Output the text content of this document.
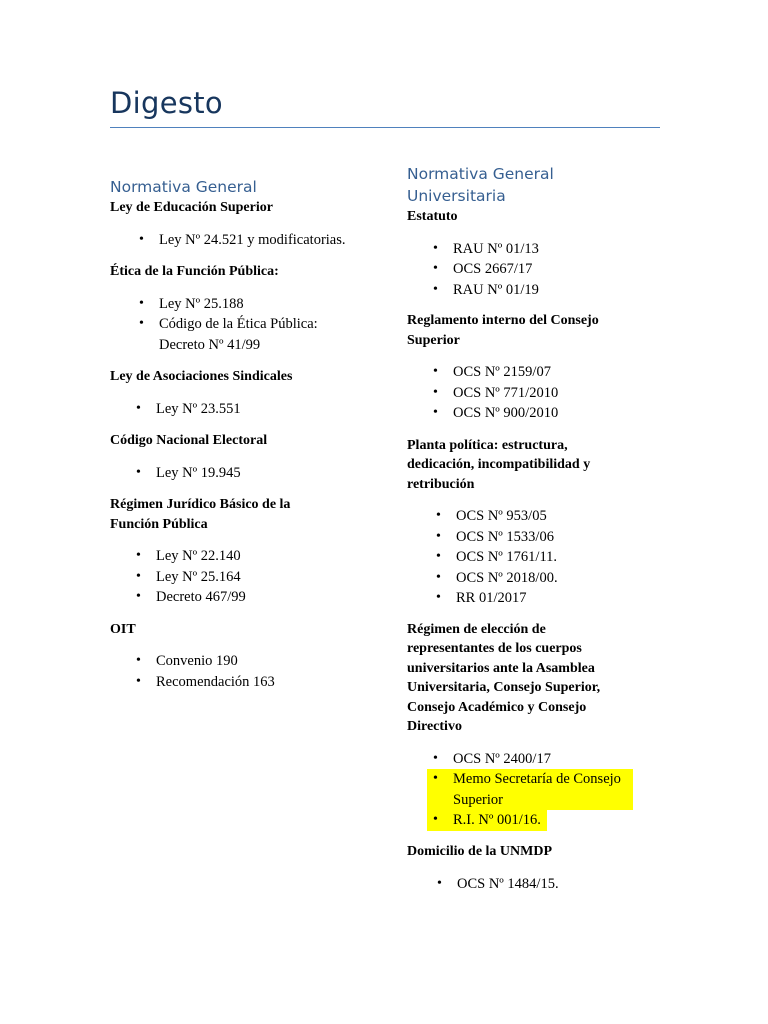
Digesto
Normativa General
Ley de Educación Superior
• Ley Nº 24.521 y modificatorias.
Ética de la Función Pública:
• Ley Nº 25.188
• Código de la Ética Pública:
Decreto Nº 41/99
Ley de Asociaciones Sindicales
• Ley Nº 23.551
Código Nacional Electoral
• Ley Nº 19.945
Régimen Jurídico Básico de la
Función Pública
• Ley Nº 22.140
• Ley Nº 25.164
• Decreto 467/99
OIT
• Convenio 190
• Recomendación 163
Normativa General
Universitaria
Estatuto
• RAU Nº 01/13
• OCS 2667/17
• RAU Nº 01/19
Reglamento interno del Consejo
Superior
• OCS Nº 2159/07
• OCS Nº 771/2010
• OCS Nº 900/2010
Planta política: estructura,
dedicación, incompatibilidad y
retribución
• OCS Nº 953/05
• OCS Nº 1533/06
• OCS Nº 1761/11.
• OCS Nº 2018/00.
• RR 01/2017
Régimen de elección de
representantes de los cuerpos
universitarios ante la Asamblea
Universitaria, Consejo Superior,
Consejo Académico y Consejo
Directivo
• OCS Nº 2400/17
• Memo Secretaría de Consejo
Superior
• R.I. Nº 001/16.
Domicilio de la UNMDP
• OCS Nº 1484/15.
